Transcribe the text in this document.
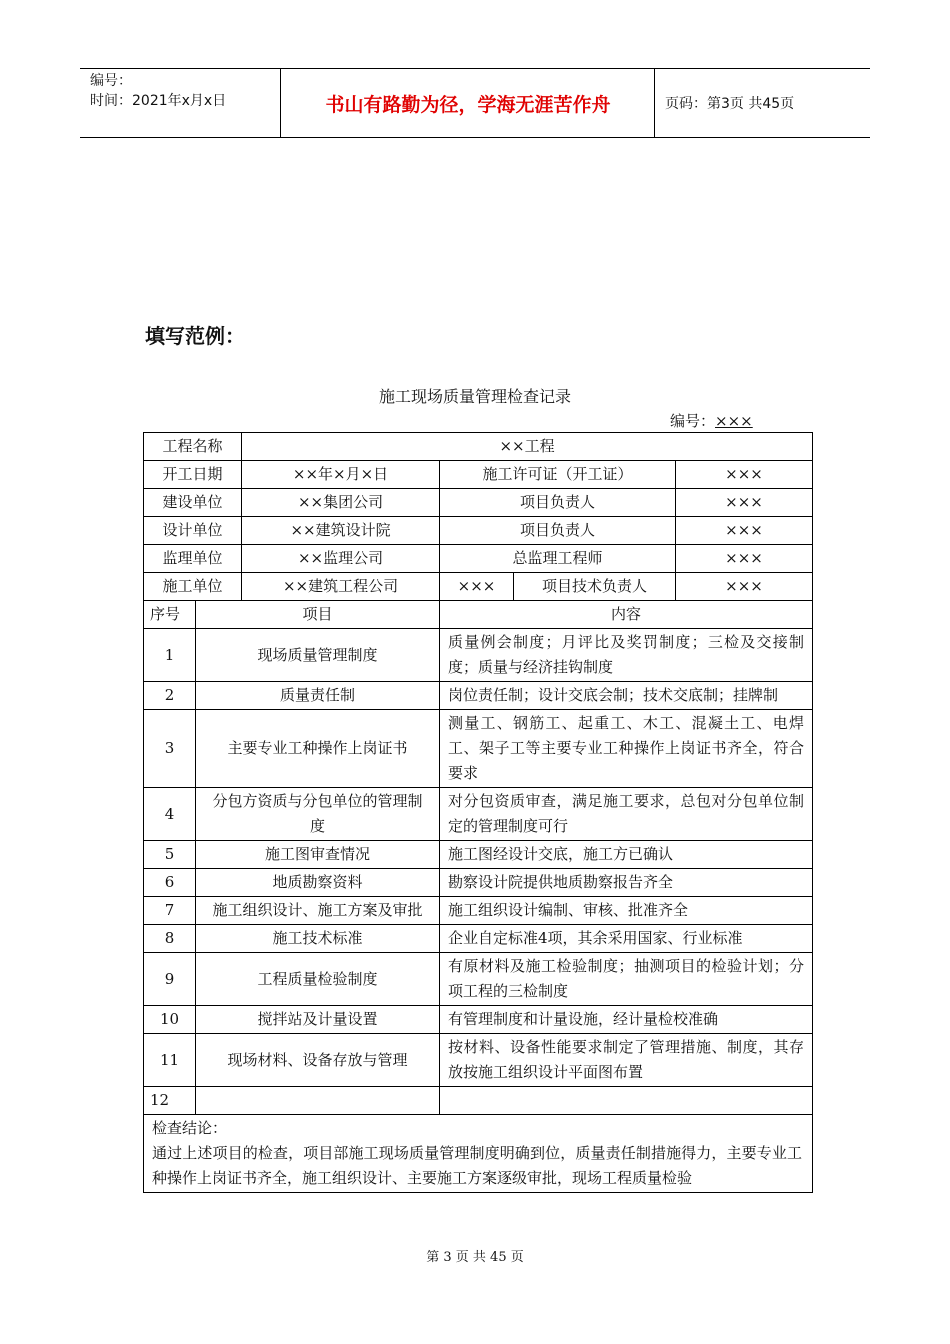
编号：
时间：2021年x月x日	书山有路勤为径，学海无涯苦作舟	页码：第3页 共45页
填写范例：
施工现场质量管理检查记录
编号：×××
工程名称		××工程			
开工日期		××年×月×日	施工许可证（开工证）		×××
建设单位		××集团公司	项目负责人		×××
设计单位		××建筑设计院	项目负责人		×××
监理单位		××监理公司	总监理工程师		×××
施工单位		××建筑工程公司	×××	项目技术负责人	×××
序号	项目		内容		
1	现场质量管理制度		质量例会制度；月评比及奖罚制度；三检及交接制度；质量与经济挂钩制度		
2	质量责任制		岗位责任制；设计交底会制；技术交底制；挂牌制		
3	主要专业工种操作上岗证书		测量工、钢筋工、起重工、木工、混凝土工、电焊工、架子工等主要专业工种操作上岗证书齐全，符合要求		
4	分包方资质与分包单位的管理制度		对分包资质审查，满足施工要求，总包对分包单位制定的管理制度可行		
5	施工图审查情况		施工图经设计交底，施工方已确认		
6	地质勘察资料		勘察设计院提供地质勘察报告齐全		
7	施工组织设计、施工方案及审批		施工组织设计编制、审核、批准齐全		
8	施工技术标准		企业自定标准4项，其余采用国家、行业标准		
9	工程质量检验制度		有原材料及施工检验制度；抽测项目的检验计划；分项工程的三检制度		
10	搅拌站及计量设置		有管理制度和计量设施，经计量检校准确		
11	现场材料、设备存放与管理		按材料、设备性能要求制定了管理措施、制度，其存放按施工组织设计平面图布置		
12					

检查结论：
通过上述项目的检查，项目部施工现场质量管理制度明确到位，质量责任制措施得力，主要专业工种操作上岗证书齐全，施工组织设计、主要施工方案逐级审批，现场工程质量检验					
第 3 页 共 45 页
